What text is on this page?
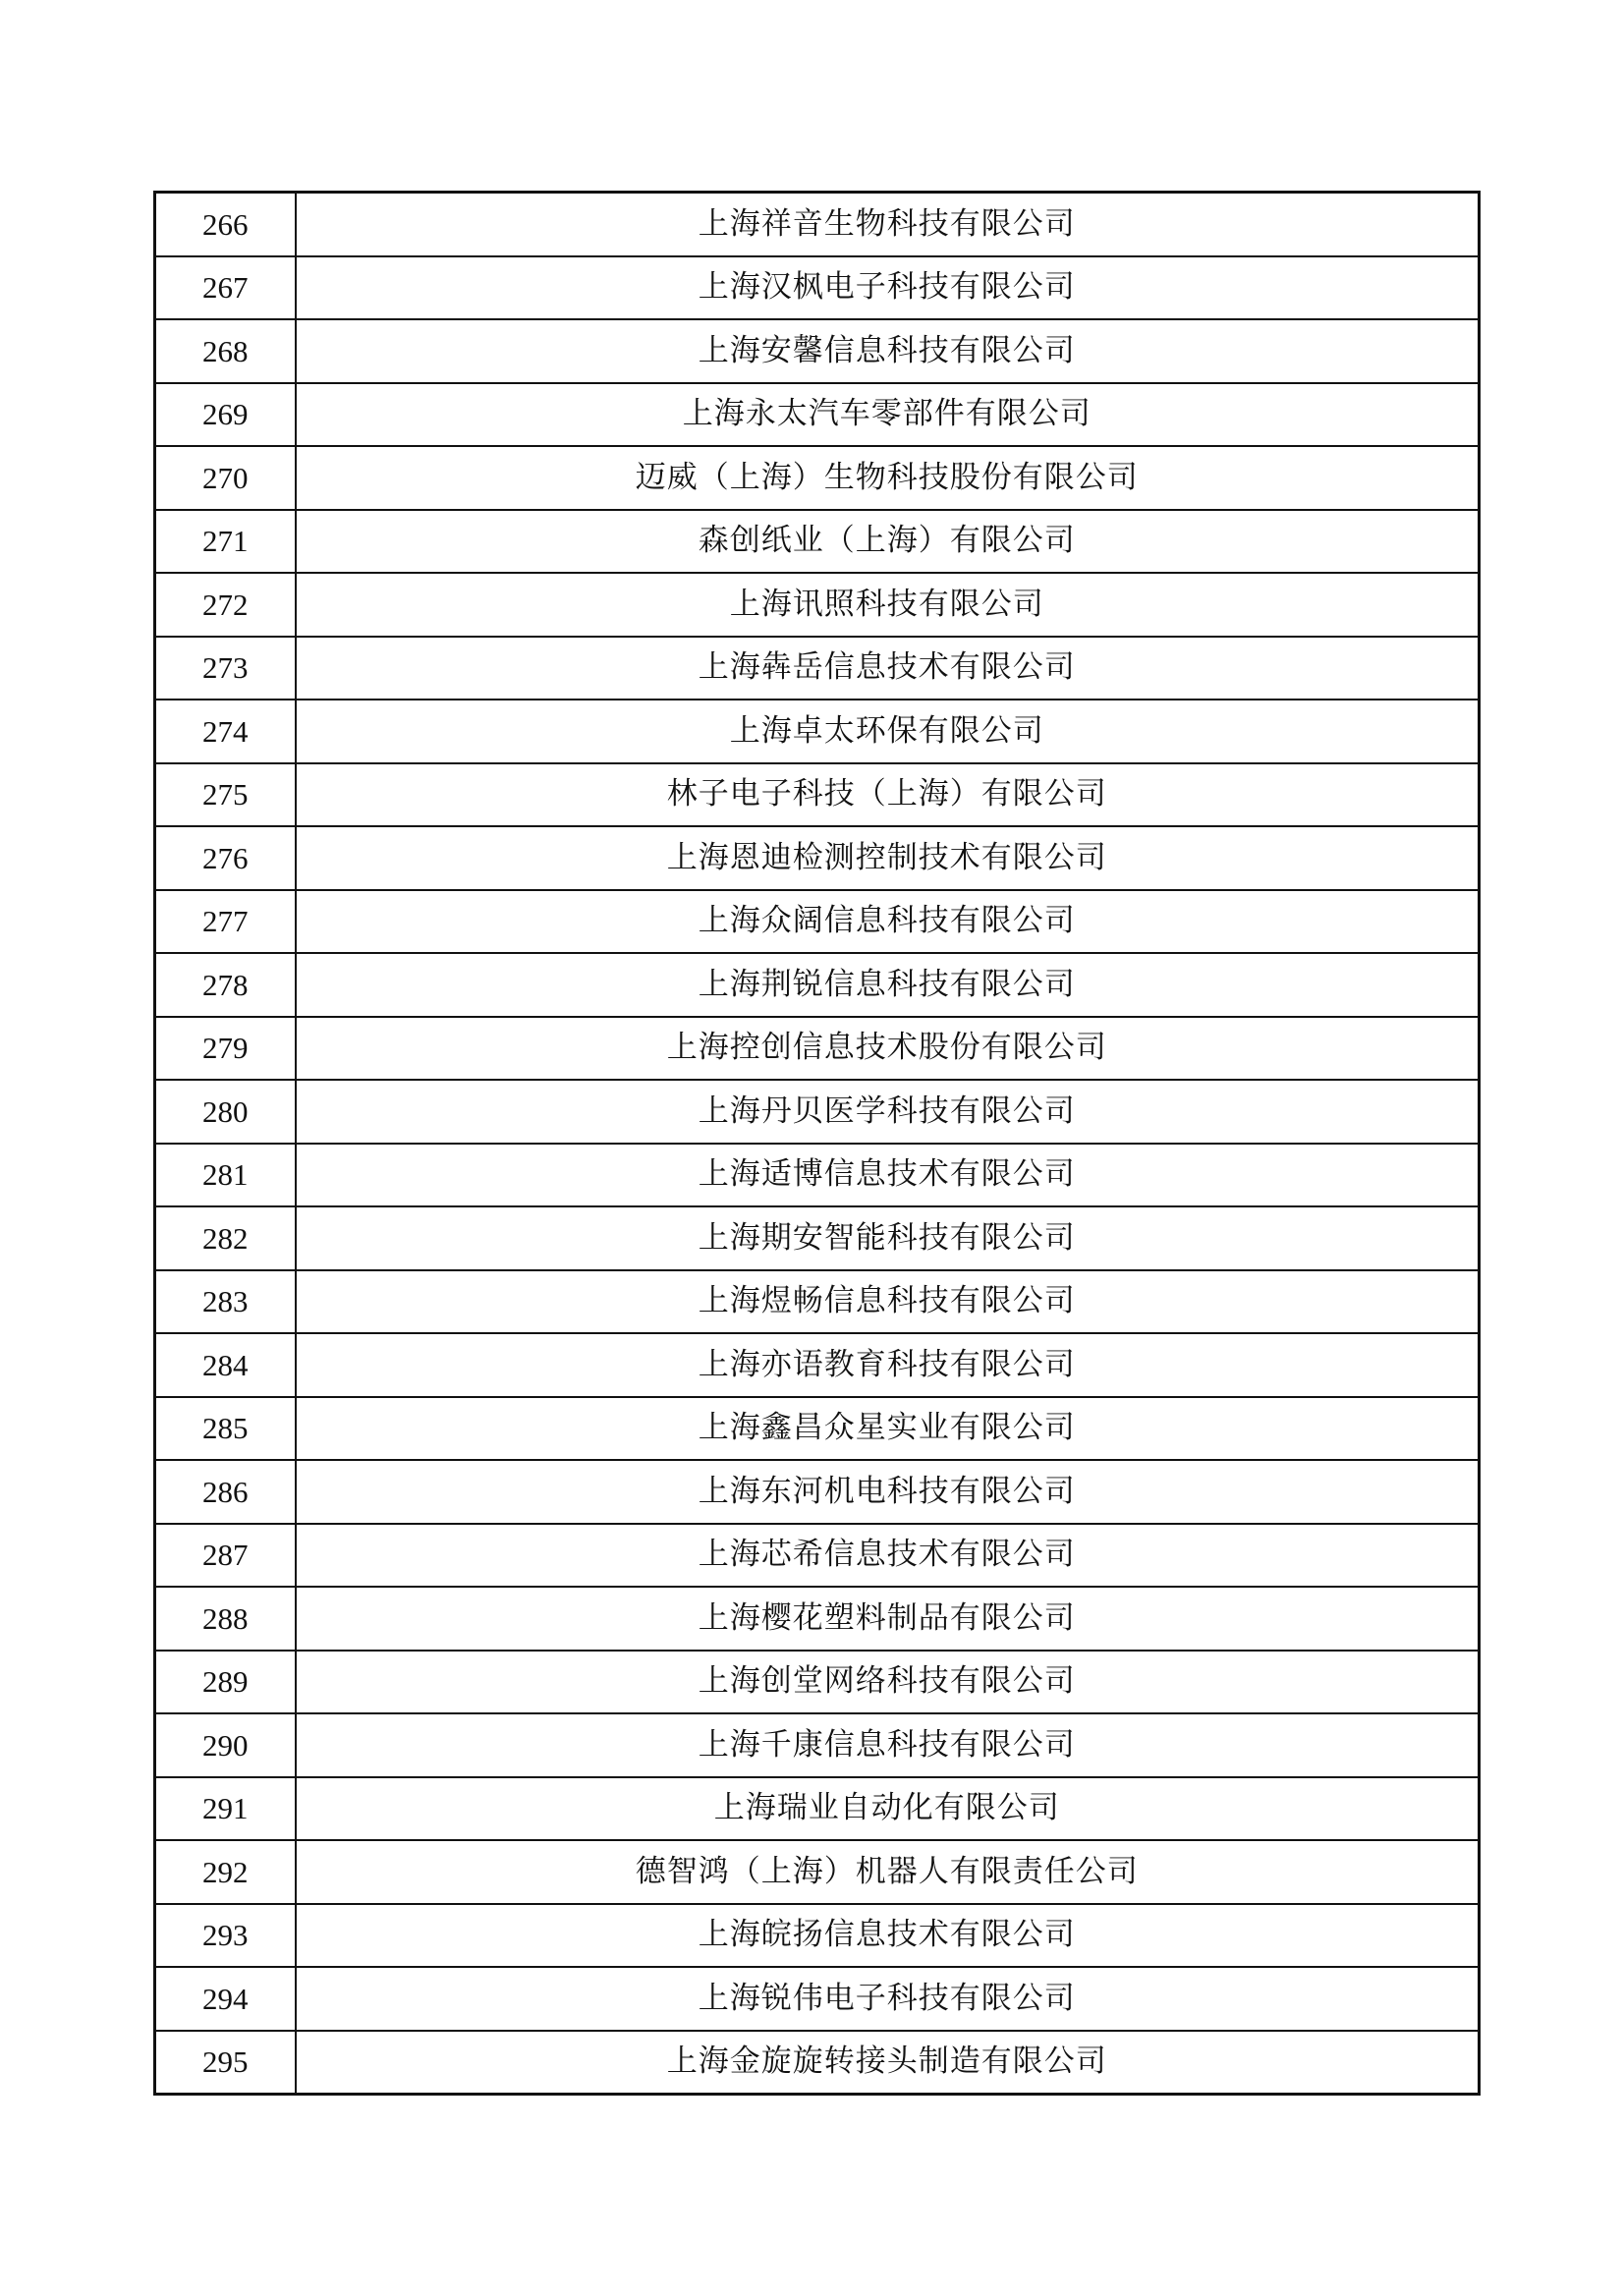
266	上海祥音生物科技有限公司
267	上海汉枫电子科技有限公司
268	上海安馨信息科技有限公司
269	上海永太汽车零部件有限公司
270	迈威（上海）生物科技股份有限公司
271	森创纸业（上海）有限公司
272	上海讯照科技有限公司
273	上海犇岳信息技术有限公司
274	上海卓太环保有限公司
275	林子电子科技（上海）有限公司
276	上海恩迪检测控制技术有限公司
277	上海众阔信息科技有限公司
278	上海荆锐信息科技有限公司
279	上海控创信息技术股份有限公司
280	上海丹贝医学科技有限公司
281	上海适博信息技术有限公司
282	上海期安智能科技有限公司
283	上海煜畅信息科技有限公司
284	上海亦语教育科技有限公司
285	上海鑫昌众星实业有限公司
286	上海东河机电科技有限公司
287	上海芯希信息技术有限公司
288	上海樱花塑料制品有限公司
289	上海创堂网络科技有限公司
290	上海千康信息科技有限公司
291	上海瑞业自动化有限公司
292	德智鸿（上海）机器人有限责任公司
293	上海皖扬信息技术有限公司
294	上海锐伟电子科技有限公司
295	上海金旋旋转接头制造有限公司
